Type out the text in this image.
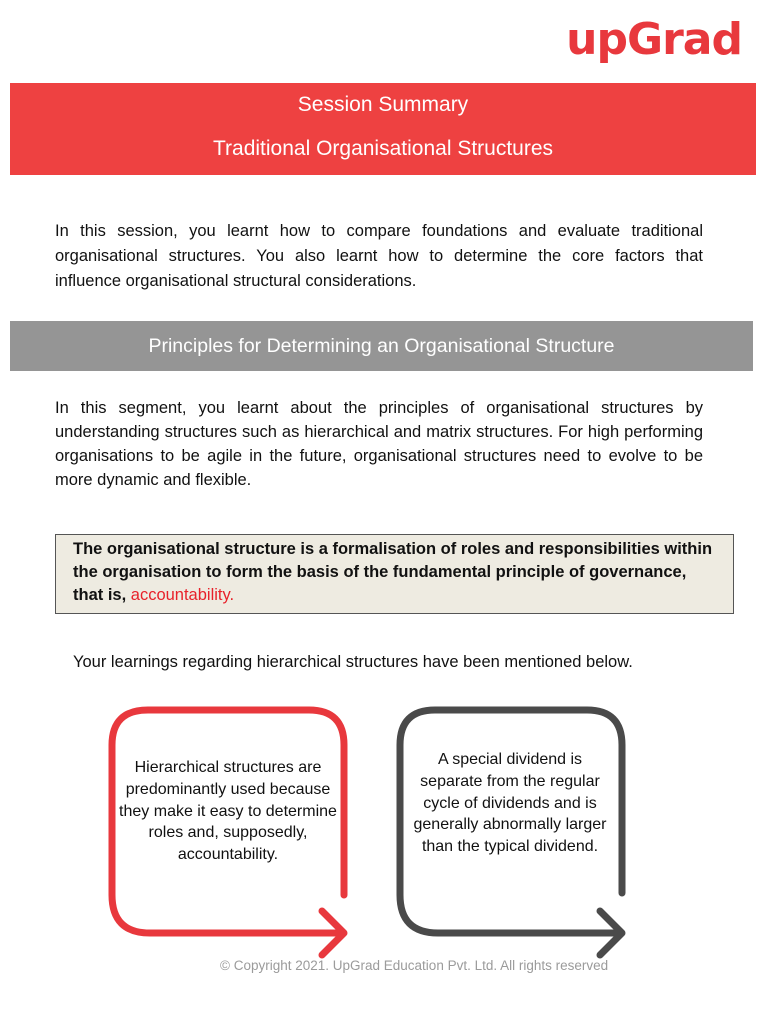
upGrad
Session Summary
Traditional Organisational Structures

In this session, you learnt how to compare foundations and evaluate traditional organisational structures. You also learnt how to determine the core factors that influence organisational structural considerations.

Principles for Determining an Organisational Structure

In this segment, you learnt about the principles of organisational structures by understanding structures such as hierarchical and matrix structures. For high performing organisations to be agile in the future, organisational structures need to evolve to be more dynamic and flexible.

The organisational structure is a formalisation of roles and responsibilities within the organisation to form the basis of the fundamental principle of governance, that is, accountability.
Your learnings regarding hierarchical structures have been mentioned below.
Hierarchical structures are predominantly used because they make it easy to determine roles and, supposedly, accountability.
A special dividend is separate from the regular cycle of dividends and is generally abnormally larger than the typical dividend.
© Copyright 2021. UpGrad Education Pvt. Ltd. All rights reserved
